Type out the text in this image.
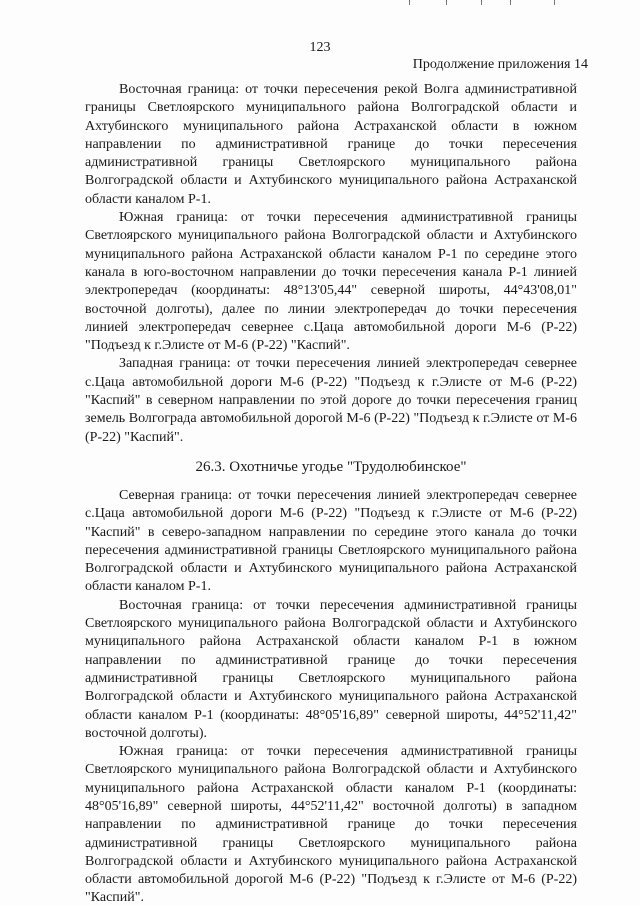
123
Продолжение приложения 14

Восточная граница: от точки пересечения рекой Волга административной границы Светлоярского муниципального района Волгоградской области и Ахтубинского муниципального района Астраханской области в южном направлении по административной границе до точки пересечения административной границы Светлоярского муниципального района Волгоградской области и Ахтубинского муниципального района Астраханской области каналом Р-1.

Южная граница: от точки пересечения административной границы Светлоярского муниципального района Волгоградской области и Ахтубинского муниципального района Астраханской области каналом Р-1 по середине этого канала в юго-восточном направлении до точки пересечения канала Р-1 линией электропередач (координаты: 48°13'05,44" северной широты, 44°43'08,01" восточной долготы), далее по линии электропередач до точки пересечения линией электропередач севернее с.Цаца автомобильной дороги М-6 (Р-22) "Подъезд к г.Элисте от М-6 (Р-22) "Каспий".

Западная граница: от точки пересечения линией электропередач севернее с.Цаца автомобильной дороги М-6 (Р-22) "Подъезд к г.Элисте от М-6 (Р-22) "Каспий" в северном направлении по этой дороге до точки пересечения границ земель Волгограда автомобильной дорогой М-6 (Р-22) "Подъезд к г.Элисте от М-6 (Р-22) "Каспий".

26.3. Охотничье угодье "Трудолюбинское"

Северная граница: от точки пересечения линией электропередач севернее с.Цаца автомобильной дороги М-6 (Р-22) "Подъезд к г.Элисте от М-6 (Р-22) "Каспий" в северо-западном направлении по середине этого канала до точки пересечения административной границы Светлоярского муниципального района Волгоградской области и Ахтубинского муниципального района Астраханской области каналом Р-1.

Восточная граница: от точки пересечения административной границы Светлоярского муниципального района Волгоградской области и Ахтубинского муниципального района Астраханской области каналом Р-1 в южном направлении по административной границе до точки пересечения административной границы Светлоярского муниципального района Волгоградской области и Ахтубинского муниципального района Астраханской области каналом Р-1 (координаты: 48°05'16,89" северной широты, 44°52'11,42" восточной долготы).

Южная граница: от точки пересечения административной границы Светлоярского муниципального района Волгоградской области и Ахтубинского муниципального района Астраханской области каналом Р-1 (координаты: 48°05'16,89" северной широты, 44°52'11,42" восточной долготы) в западном направлении по административной границе до точки пересечения административной границы Светлоярского муниципального района Волгоградской области и Ахтубинского муниципального района Астраханской области автомобильной дорогой М-6 (Р-22) "Подъезд к г.Элисте от М-6 (Р-22) "Каспий".
